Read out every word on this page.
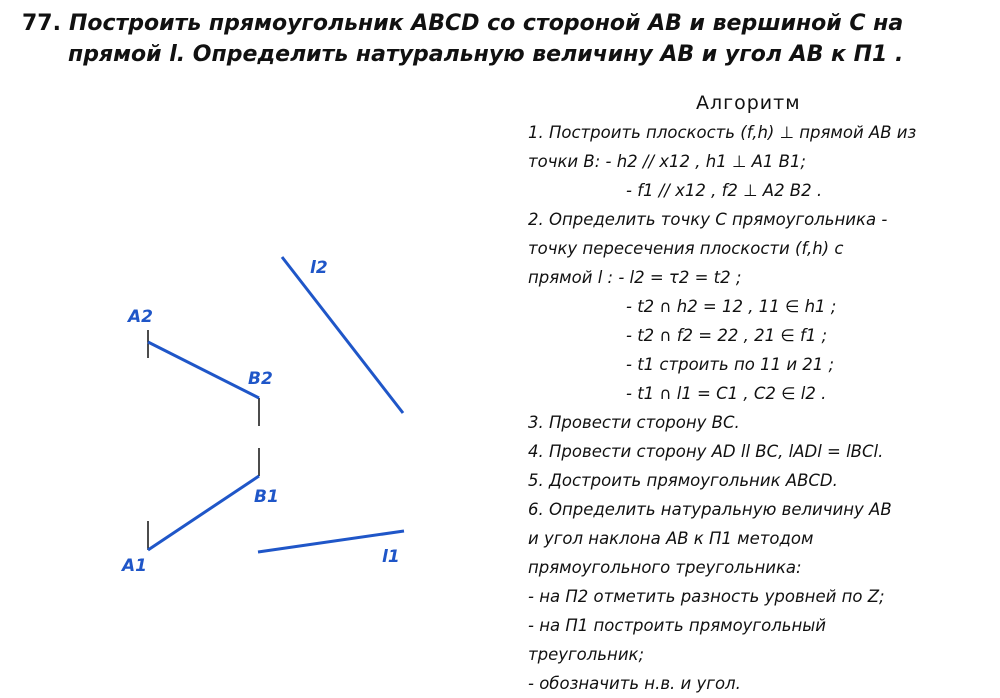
77. Построить прямоугольник ABCD со стороной AB и вершиной C на
прямой l. Определить натуральную величину AB и угол AB к П1 .
Алгоритм
1. Построить плоскость (f,h) ⊥ прямой AB из
точки B: - h2 // x12 , h1 ⊥ A1 B1;
- f1 // x12 , f2 ⊥ A2 B2 .
2. Определить точку C прямоугольника -
точку пересечения плоскости (f,h) с
прямой l : - l2 = τ2 = t2 ;
- t2 ∩ h2 = 12 , 11 ∈ h1 ;
- t2 ∩ f2 = 22 , 21 ∈ f1 ;
- t1 строить по 11 и 21 ;
- t1 ∩ l1 = C1 , C2 ∈ l2 .
3. Провести сторону BC.
4. Провести сторону AD ll BC, lADl = lBCl.
5. Достроить прямоугольник ABCD.
6. Определить натуральную величину AB
и угол наклона AB к П1 методом
прямоугольного треугольника:
- на П2 отметить разность уровней по Z;
- на П1 построить прямоугольный
треугольник;
- обозначить н.в. и угол.
A2
B2
B1
A1
l2
l1
